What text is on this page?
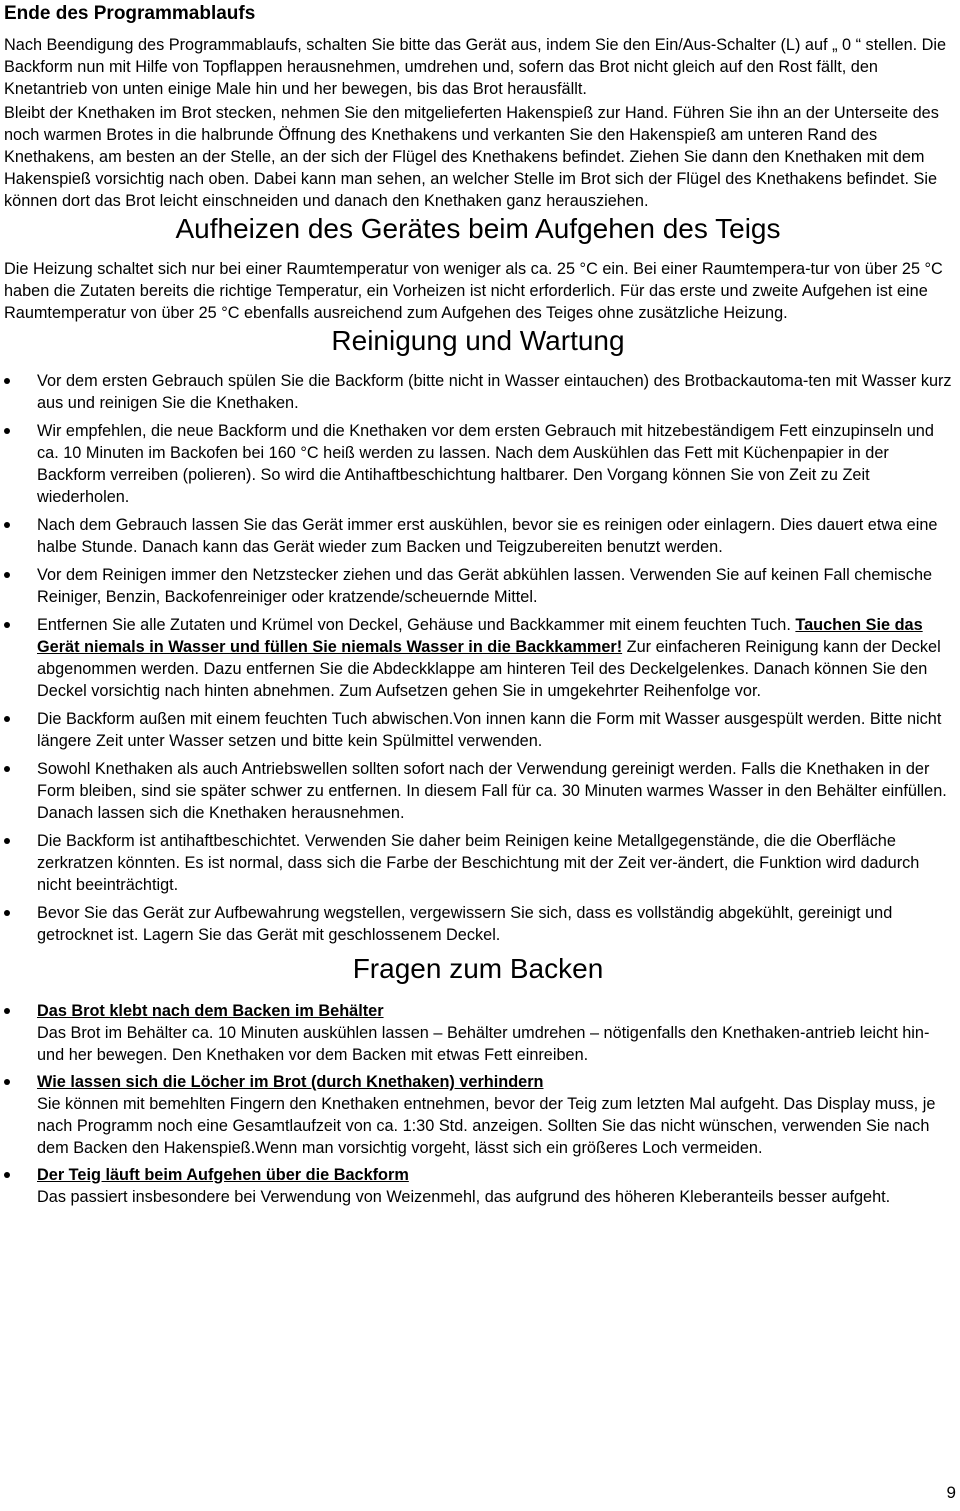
Ende des Programmablaufs

Nach Beendigung des Programmablaufs, schalten Sie bitte das Gerät aus, indem Sie den Ein/Aus-Schalter (L) auf „ 0 “ stellen. Die Backform nun mit Hilfe von Topflappen herausnehmen, umdrehen und, sofern das Brot nicht gleich auf den Rost fällt, den Knetantrieb von unten einige Male hin und her bewegen, bis das Brot herausfällt.

Bleibt der Knethaken im Brot stecken, nehmen Sie den mitgelieferten Hakenspieß zur Hand. Führen Sie ihn an der Unterseite des noch warmen Brotes in die halbrunde Öffnung des Knethakens und verkanten Sie den Hakenspieß am unteren Rand des Knethakens, am besten an der Stelle, an der sich der Flügel des Knethakens befindet. Ziehen Sie dann den Knethaken mit dem Hakenspieß vorsichtig nach oben. Dabei kann man sehen, an welcher Stelle im Brot sich der Flügel des Knethakens befindet. Sie können dort das Brot leicht einschneiden und danach den Knethaken ganz herausziehen.

Aufheizen des Gerätes beim Aufgehen des Teigs

Die Heizung schaltet sich nur bei einer Raumtemperatur von weniger als ca. 25 °C ein. Bei einer Raumtempera-tur von über 25 °C haben die Zutaten bereits die richtige Temperatur, ein Vorheizen ist nicht erforderlich. Für das erste und zweite Aufgehen ist eine Raumtemperatur von über 25 °C ebenfalls ausreichend zum Aufgehen des Teiges ohne zusätzliche Heizung.

Reinigung und Wartung
Vor dem ersten Gebrauch spülen Sie die Backform (bitte nicht in Wasser eintauchen) des Brotbackautoma-ten mit Wasser kurz aus und reinigen Sie die Knethaken.
Wir empfehlen, die neue Backform und die Knethaken vor dem ersten Gebrauch mit hitzebeständigem Fett einzupinseln und ca. 10 Minuten im Backofen bei 160 °C heiß werden zu lassen. Nach dem Auskühlen das Fett mit Küchenpapier in der Backform verreiben (polieren). So wird die Antihaftbeschichtung haltbarer. Den Vorgang können Sie von Zeit zu Zeit wiederholen.
Nach dem Gebrauch lassen Sie das Gerät immer erst auskühlen, bevor sie es reinigen oder einlagern. Dies dauert etwa eine halbe Stunde. Danach kann das Gerät wieder zum Backen und Teigzubereiten benutzt werden.
Vor dem Reinigen immer den Netzstecker ziehen und das Gerät abkühlen lassen. Verwenden Sie auf keinen Fall chemische Reiniger, Benzin, Backofenreiniger oder kratzende/scheuernde Mittel.
Entfernen Sie alle Zutaten und Krümel von Deckel, Gehäuse und Backkammer mit einem feuchten Tuch. Tauchen Sie das Gerät niemals in Wasser und füllen Sie niemals Wasser in die Backkammer! Zur einfacheren Reinigung kann der Deckel abgenommen werden. Dazu entfernen Sie die Abdeckklappe am hinteren Teil des Deckelgelenkes. Danach können Sie den Deckel vorsichtig nach hinten abnehmen. Zum Aufsetzen gehen Sie in umgekehrter Reihenfolge vor.
Die Backform außen mit einem feuchten Tuch abwischen.Von innen kann die Form mit Wasser ausgespült werden. Bitte nicht längere Zeit unter Wasser setzen und bitte kein Spülmittel verwenden.
Sowohl Knethaken als auch Antriebswellen sollten sofort nach der Verwendung gereinigt werden. Falls die Knethaken in der Form bleiben, sind sie später schwer zu entfernen. In diesem Fall für ca. 30 Minuten warmes Wasser in den Behälter einfüllen. Danach lassen sich die Knethaken herausnehmen.
Die Backform ist antihaftbeschichtet. Verwenden Sie daher beim Reinigen keine Metallgegenstände, die die Oberfläche zerkratzen könnten. Es ist normal, dass sich die Farbe der Beschichtung mit der Zeit ver-ändert, die Funktion wird dadurch nicht beeinträchtigt.
Bevor Sie das Gerät zur Aufbewahrung wegstellen, vergewissern Sie sich, dass es vollständig abgekühlt, gereinigt und getrocknet ist. Lagern Sie das Gerät mit geschlossenem Deckel.
Fragen zum Backen
Das Brot klebt nach dem Backen im Behälter
Das Brot im Behälter ca. 10 Minuten auskühlen lassen – Behälter umdrehen – nötigenfalls den Knethaken-antrieb leicht hin- und her bewegen. Den Knethaken vor dem Backen mit etwas Fett einreiben.
Wie lassen sich die Löcher im Brot (durch Knethaken) verhindern
Sie können mit bemehlten Fingern den Knethaken entnehmen, bevor der Teig zum letzten Mal aufgeht. Das Display muss, je nach Programm noch eine Gesamtlaufzeit von ca. 1:30 Std. anzeigen. Sollten Sie das nicht wünschen, verwenden Sie nach dem Backen den Hakenspieß.Wenn man vorsichtig vorgeht, lässt sich ein größeres Loch vermeiden.
Der Teig läuft beim Aufgehen über die Backform
Das passiert insbesondere bei Verwendung von Weizenmehl, das aufgrund des höheren Kleberanteils besser aufgeht.
9
